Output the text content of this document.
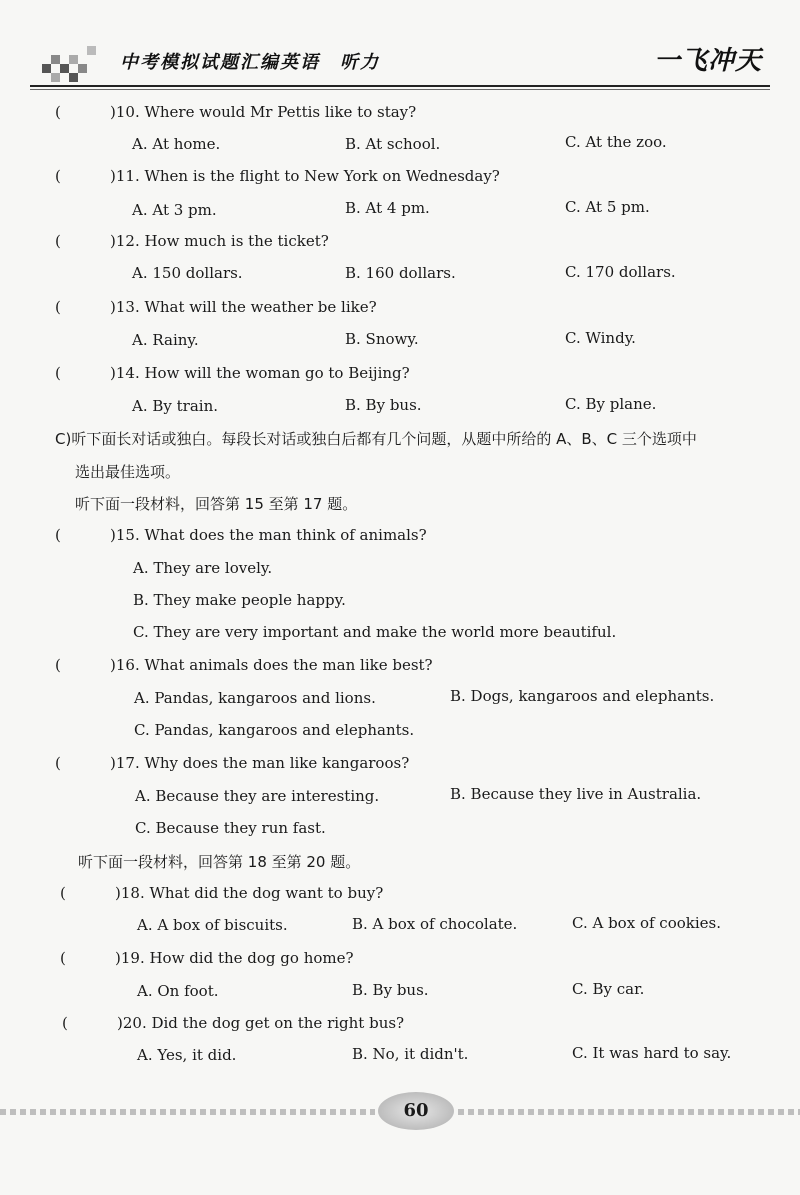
中考模拟试题汇编英语　听力	一飞冲天
(	)10. Where would Mr Pettis like to stay?
A. At home.	B. At school.	C. At the zoo.
(	)11. When is the flight to New York on Wednesday?
A. At 3 pm.	B. At 4 pm.	C. At 5 pm.
(	)12. How much is the ticket?
A. 150 dollars.	B. 160 dollars.	C. 170 dollars.
(	)13. What will the weather be like?
A. Rainy.	B. Snowy.	C. Windy.
(	)14. How will the woman go to Beijing?
A. By train.	B. By bus.	C. By plane.
C)听下面长对话或独白。每段长对话或独白后都有几个问题，从题中所给的 A、B、C 三个选项中
选出最佳选项。
听下面一段材料，回答第 15 至第 17 题。
(	)15. What does the man think of animals?
A. They are lovely.
B. They make people happy.
C. They are very important and make the world more beautiful.
(	)16. What animals does the man like best?
A. Pandas, kangaroos and lions.	B. Dogs, kangaroos and elephants.
C. Pandas, kangaroos and elephants.
(	)17. Why does the man like kangaroos?
A. Because they are interesting.	B. Because they live in Australia.
C. Because they run fast.
听下面一段材料，回答第 18 至第 20 题。
(	)18. What did the dog want to buy?
A. A box of biscuits.	B. A box of chocolate.	C. A box of cookies.
(	)19. How did the dog go home?
A. On foot.	B. By bus.	C. By car.
(	)20. Did the dog get on the right bus?
A. Yes, it did.	B. No, it didn't.	C. It was hard to say.
60
